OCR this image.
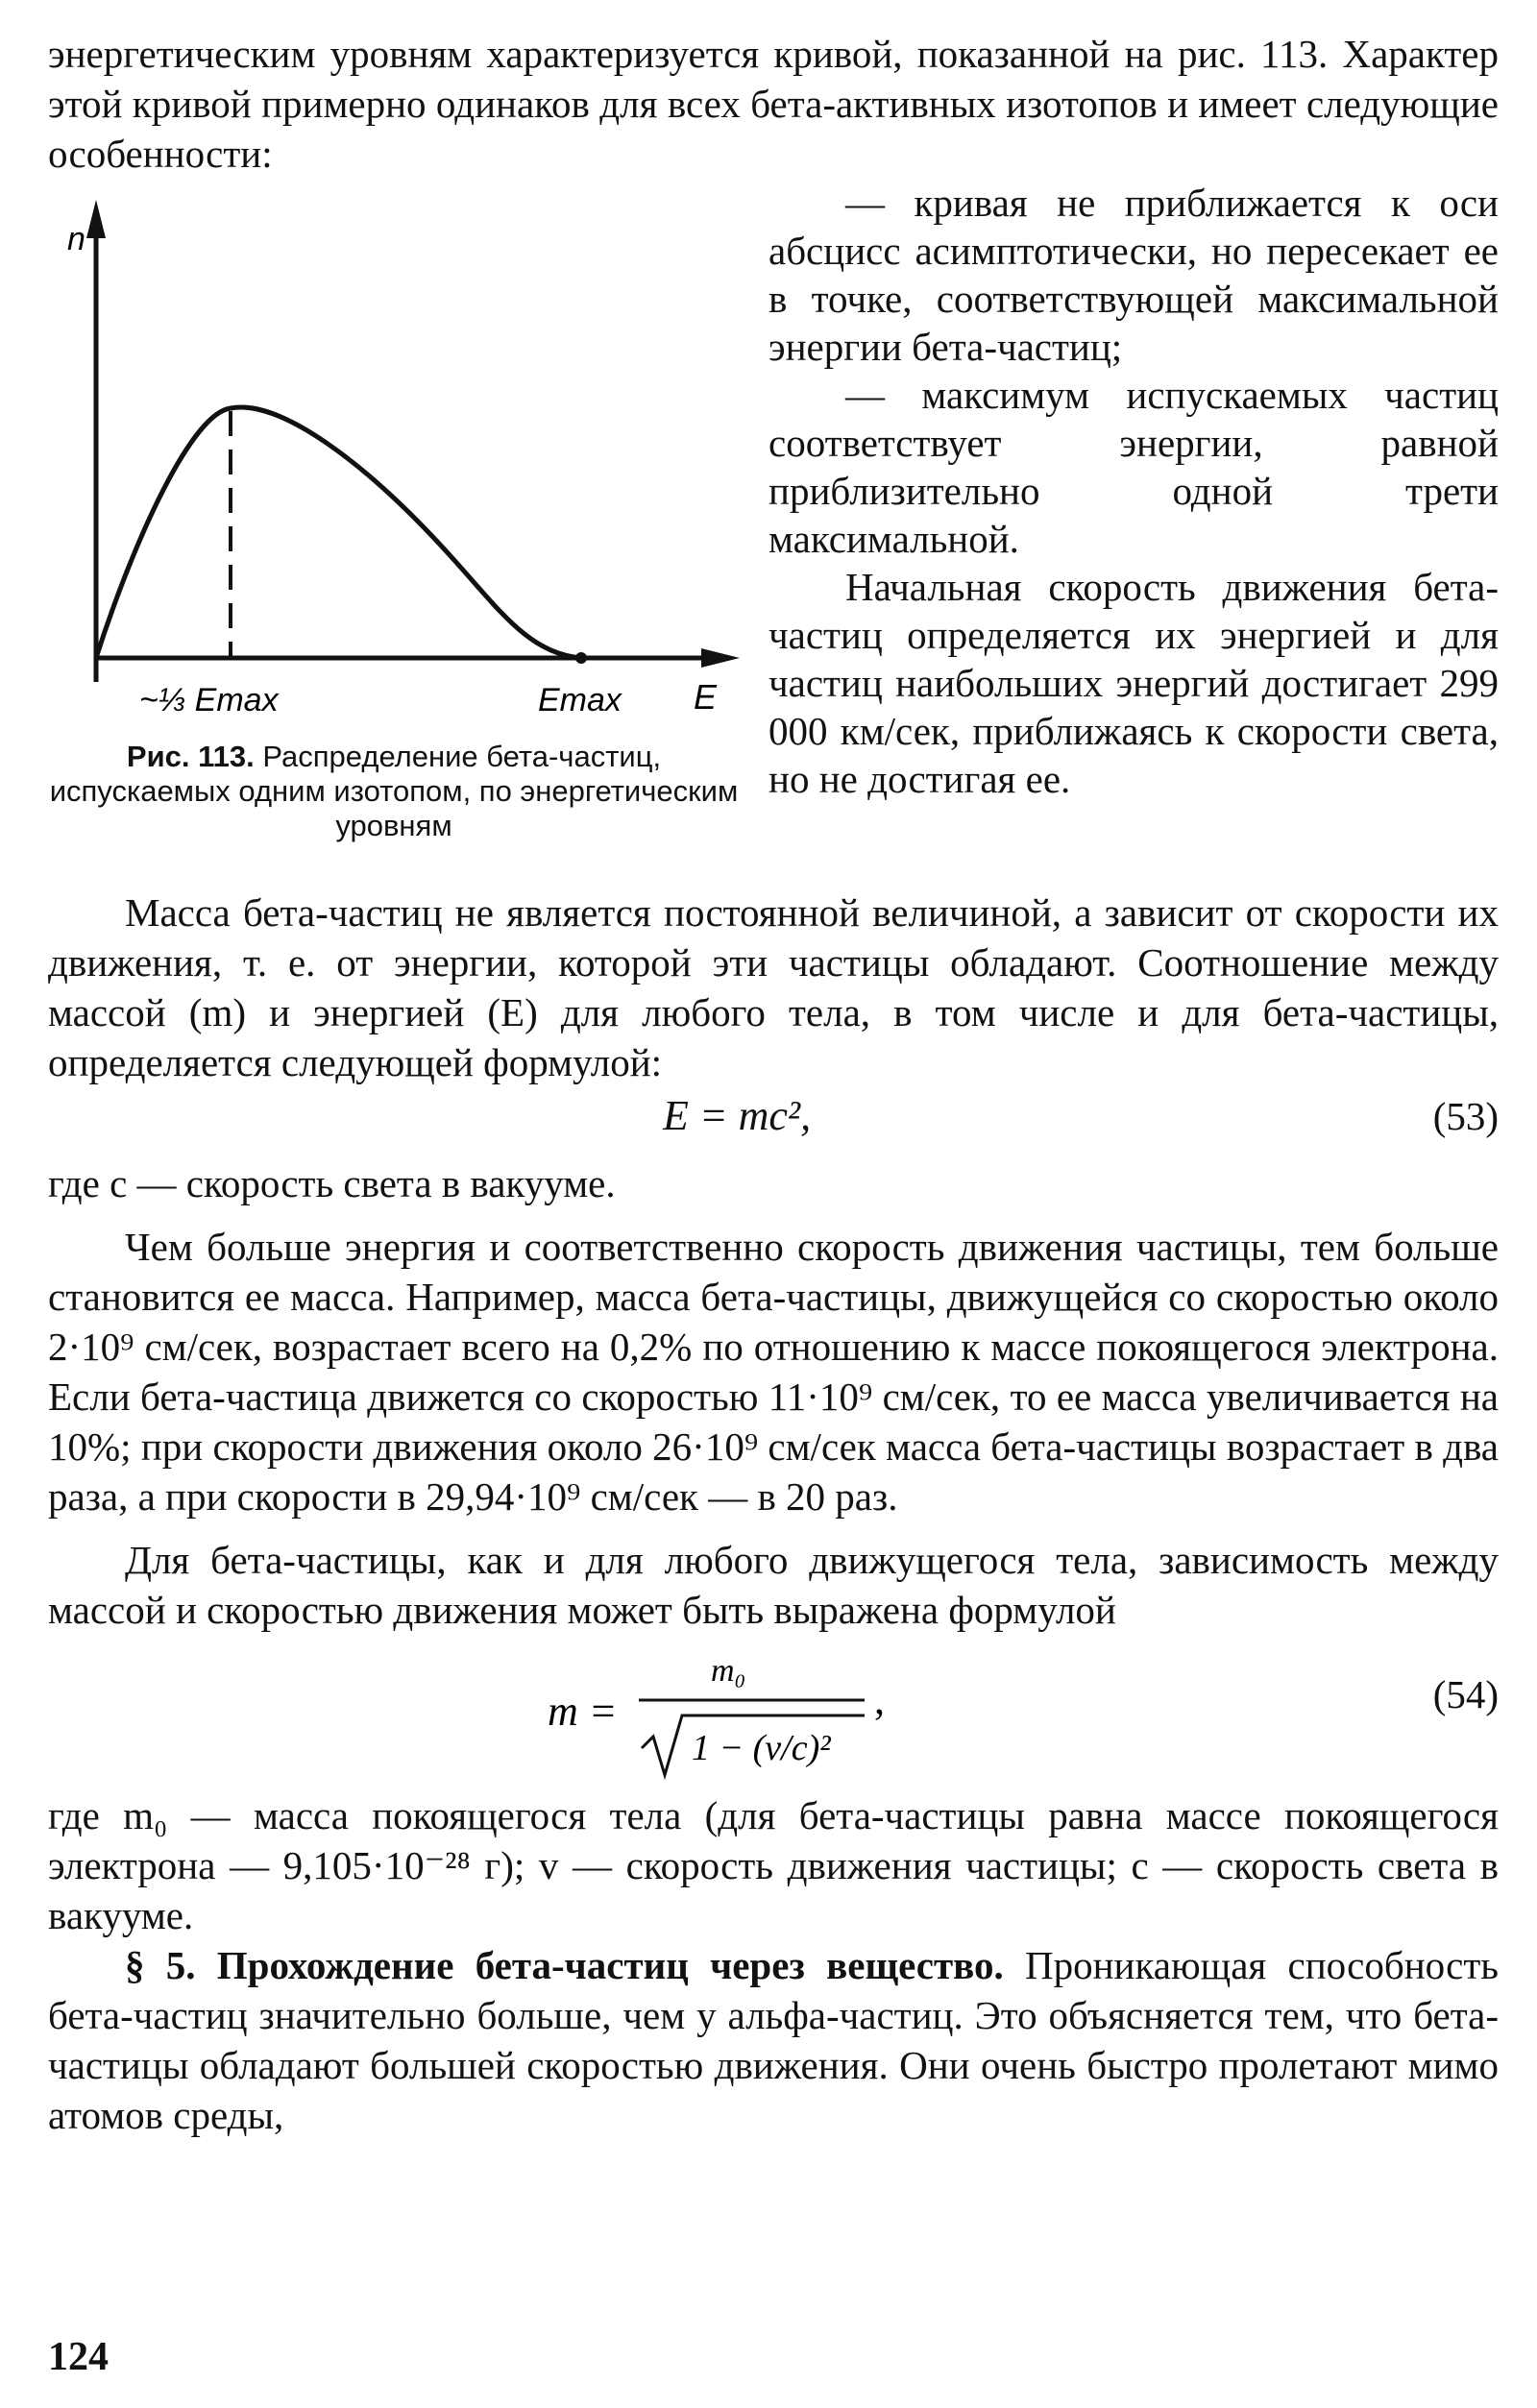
энергетическим уровням характеризуется кривой, показанной на рис. 113. Характер этой кривой примерно одинаков для всех бета-активных изотопов и имеет следующие особенности:

n
E
~⅓ Emax	Emax
Рис. 113. Распределение бета-частиц, испускаемых одним изотопом, по энергетическим уровням

— кривая не приближается к оси абсцисс асимптотически, но пересекает ее в точке, соответствующей максимальной энергии бета-частиц;

— максимум испускаемых частиц соответствует энергии, равной приблизительно одной трети максимальной.

Начальная скорость движения бета-частиц определяется их энергией и для частиц наибольших энергий достигает 299 000 км/сек, приближаясь к скорости света, но не достигая ее.

Масса бета-частиц не является постоянной величиной, а зависит от скорости их движения, т. е. от энергии, которой эти частицы обладают. Соотношение между массой (m) и энергией (E) для любого тела, в том числе и для бета-частицы, определяется следующей формулой:

E = mc²,	(53)

где c — скорость света в вакууме.

Чем больше энергия и соответственно скорость движения частицы, тем больше становится ее масса. Например, масса бета-частицы, движущейся со скоростью около 2·10⁹ см/сек, возрастает всего на 0,2% по отношению к массе покоящегося электрона. Если бета-частица движется со скоростью 11·10⁹ см/сек, то ее масса увеличивается на 10%; при скорости движения около 26·10⁹ см/сек масса бета-частицы возрастает в два раза, а при скорости в 29,94·10⁹ см/сек — в 20 раз.

Для бета-частицы, как и для любого движущегося тела, зависимость между массой и скоростью движения может быть выражена формулой

m =
m₀
1 − (v/c)²
,	(54)

где m₀ — масса покоящегося тела (для бета-частицы равна массе покоящегося электрона — 9,105·10⁻²⁸ г); v — скорость движения частицы; c — скорость света в вакууме.

§ 5. Прохождение бета-частиц через вещество. Проникающая способность бета-частиц значительно больше, чем у альфа-частиц. Это объясняется тем, что бета-частицы обладают большей скоростью движения. Они очень быстро пролетают мимо атомов среды,

124
